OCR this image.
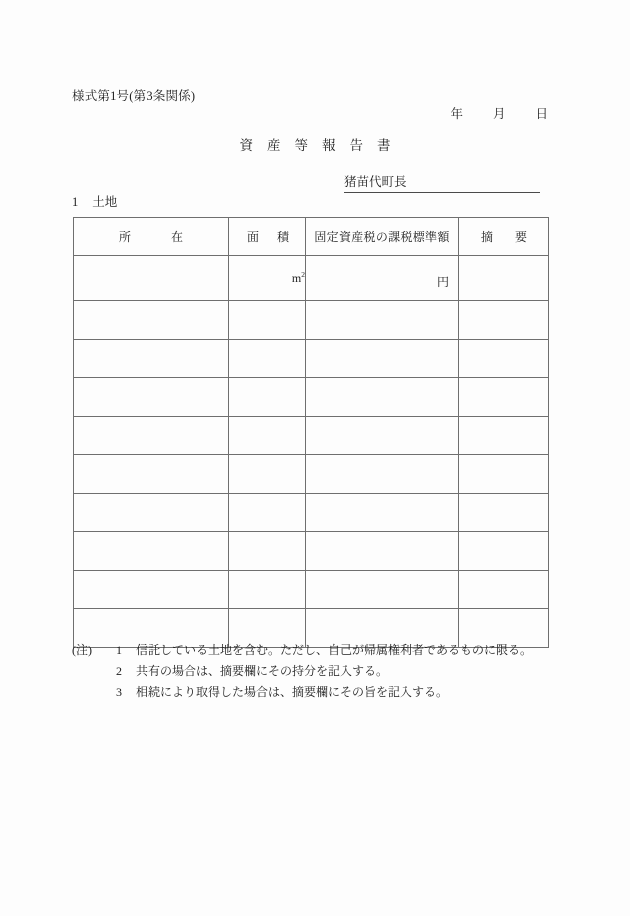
様式第1号(第3条関係)
年 月 日
資産等報告書
猪苗代町長
1 土地
所在	面積	固定資産税の課税標準額	摘要
	$m^2$	円	

(注)	1	信託している土地を含む。ただし、自己が帰属権利者であるものに限る。
2	共有の場合は、摘要欄にその持分を記入する。
3	相続により取得した場合は、摘要欄にその旨を記入する。
